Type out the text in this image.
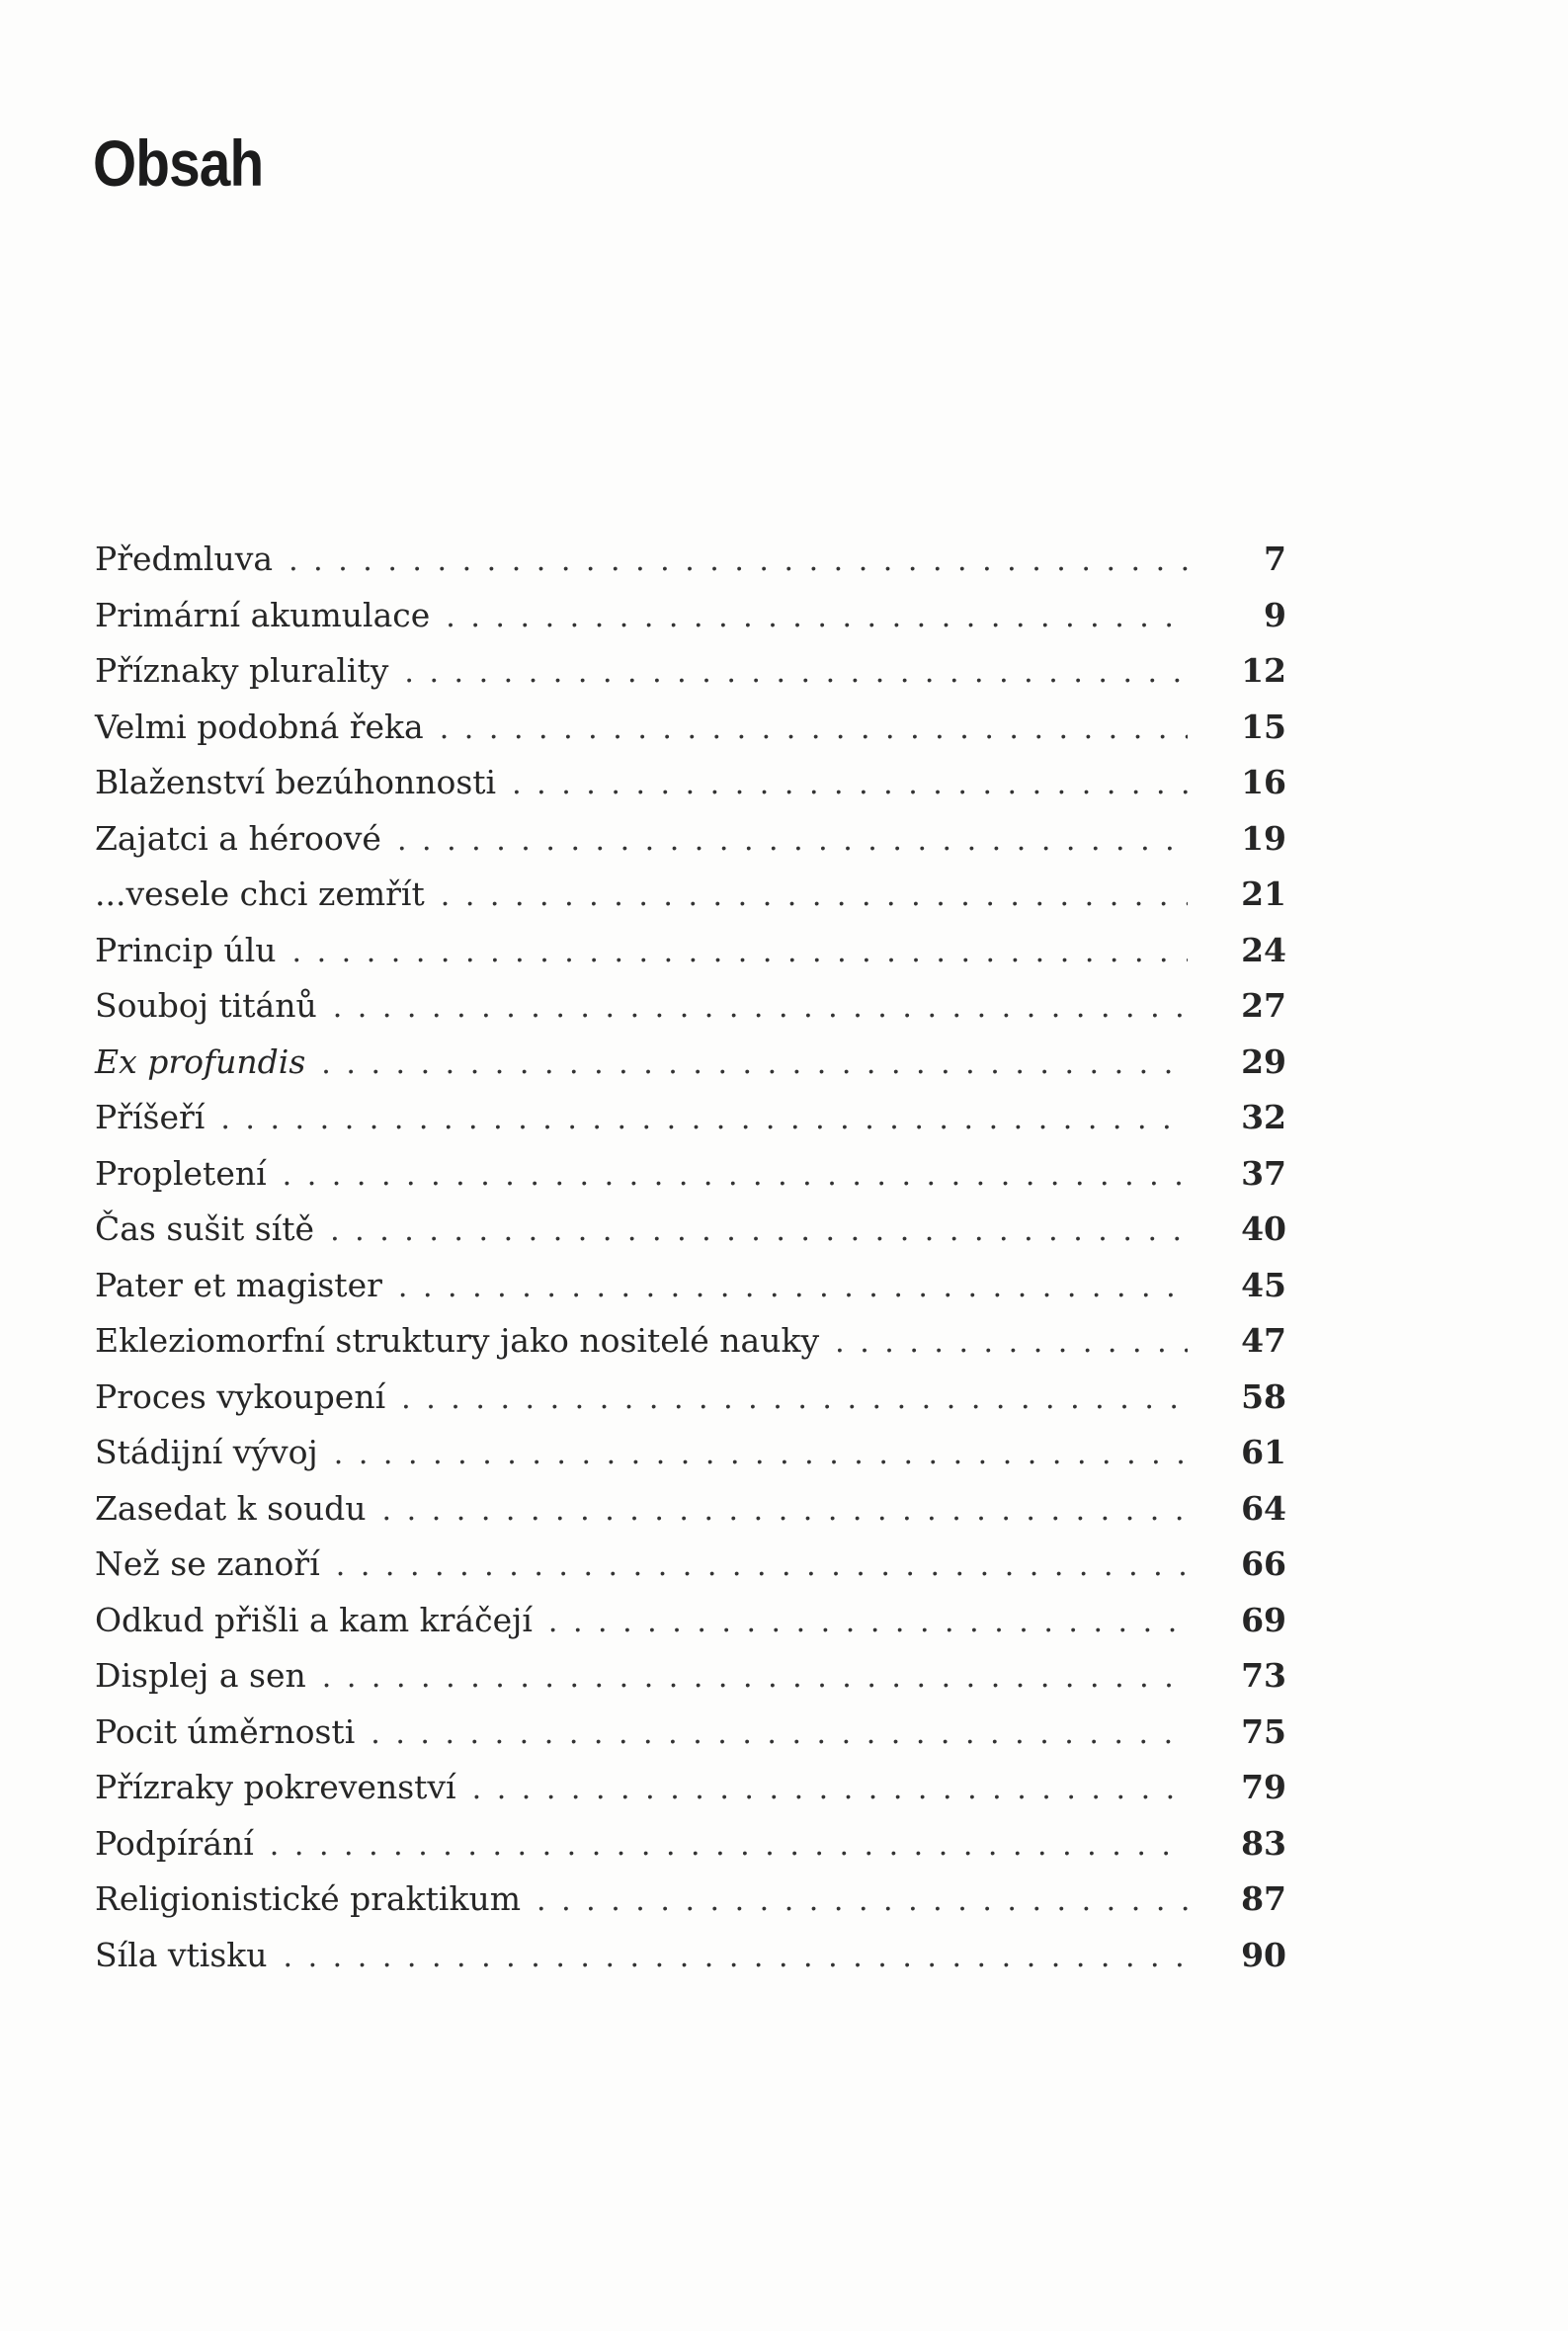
Obsah
Předmluva . . .	7
Primární akumulace . . .	9
Příznaky plurality . . .	12
Velmi podobná řeka . . .	15
Blaženství bezúhonnosti . . .	16
Zajatci a héroové . . .	19
...vesele chci zemřít . . .	21
Princip úlu . . .	24
Souboj titánů . . .	27
Ex profundis . . .	29
Příšeří . . .	32
Propletení . . .	37
Čas sušit sítě . . .	40
Pater et magister . . .	45
Ekleziomorfní struktury jako nositelé nauky . . .	47
Proces vykoupení . . .	58
Stádijní vývoj . . .	61
Zasedat k soudu . . .	64
Než se zanoří . . .	66
Odkud přišli a kam kráčejí . . .	69
Displej a sen . . .	73
Pocit úměrnosti . . .	75
Přízraky pokrevenství . . .	79
Podpírání . . .	83
Religionistické praktikum . . .	87
Síla vtisku . . .	90
